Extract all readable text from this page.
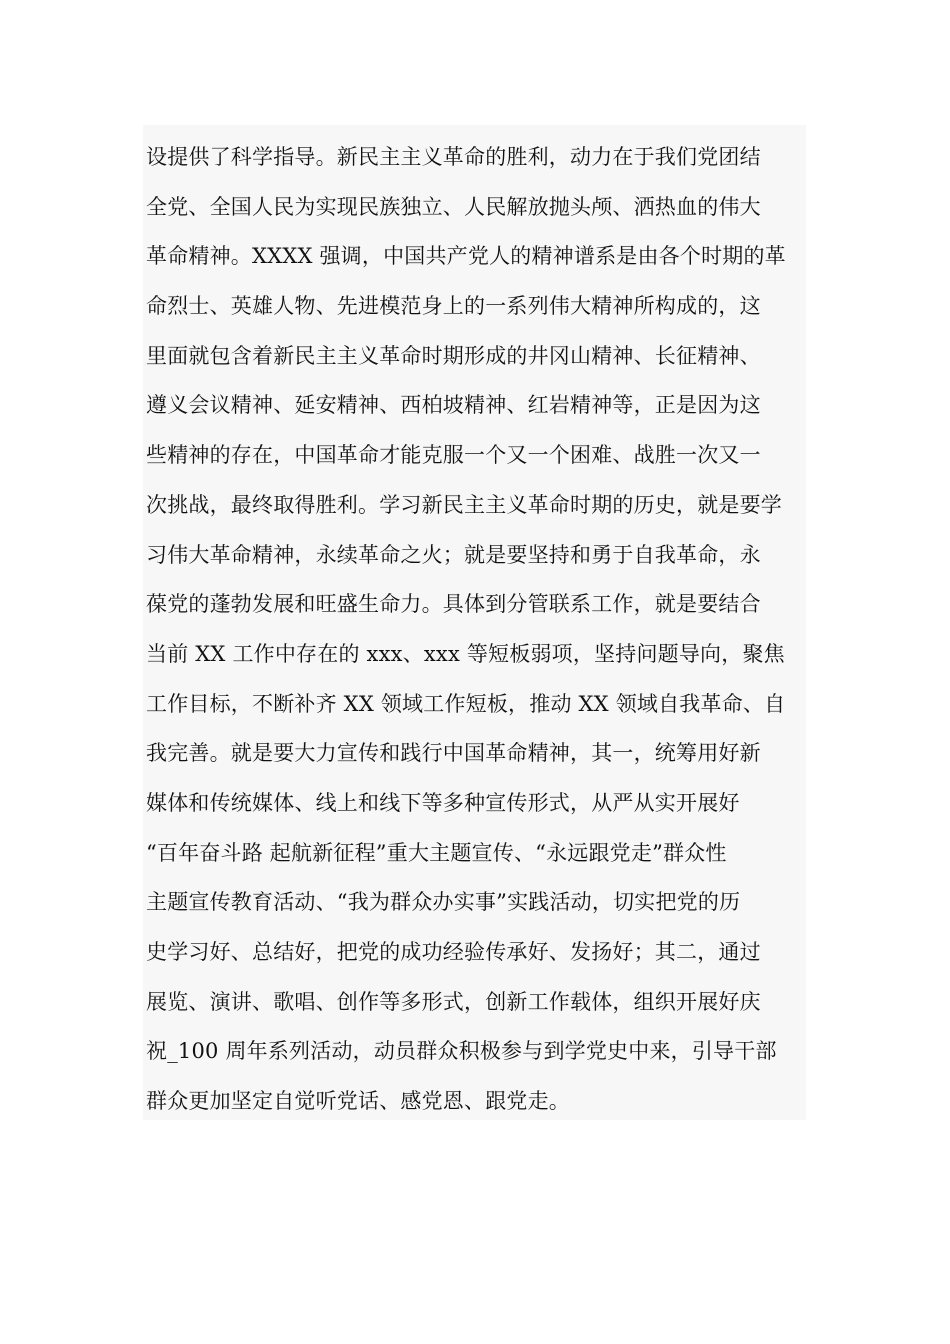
设提供了科学指导。新民主主义革命的胜利，动力在于我们党团结
全党、全国人民为实现民族独立、人民解放抛头颅、洒热血的伟大
革命精神。XXXX 强调，中国共产党人的精神谱系是由各个时期的革
命烈士、英雄人物、先进模范身上的一系列伟大精神所构成的，这
里面就包含着新民主主义革命时期形成的井冈山精神、长征精神、
遵义会议精神、延安精神、西柏坡精神、红岩精神等，正是因为这
些精神的存在，中国革命才能克服一个又一个困难、战胜一次又一
次挑战，最终取得胜利。学习新民主主义革命时期的历史，就是要学
习伟大革命精神，永续革命之火；就是要坚持和勇于自我革命，永
葆党的蓬勃发展和旺盛生命力。具体到分管联系工作，就是要结合
当前 XX 工作中存在的 xxx、xxx 等短板弱项，坚持问题导向，聚焦
工作目标，不断补齐 XX 领域工作短板，推动 XX 领域自我革命、自
我完善。就是要大力宣传和践行中国革命精神，其一，统筹用好新
媒体和传统媒体、线上和线下等多种宣传形式，从严从实开展好
“百年奋斗路 起航新征程”重大主题宣传、“永远跟党走”群众性
主题宣传教育活动、“我为群众办实事”实践活动，切实把党的历
史学习好、总结好，把党的成功经验传承好、发扬好；其二，通过
展览、演讲、歌唱、创作等多形式，创新工作载体，组织开展好庆
祝_100 周年系列活动，动员群众积极参与到学党史中来，引导干部
群众更加坚定自觉听党话、感党恩、跟党走。
